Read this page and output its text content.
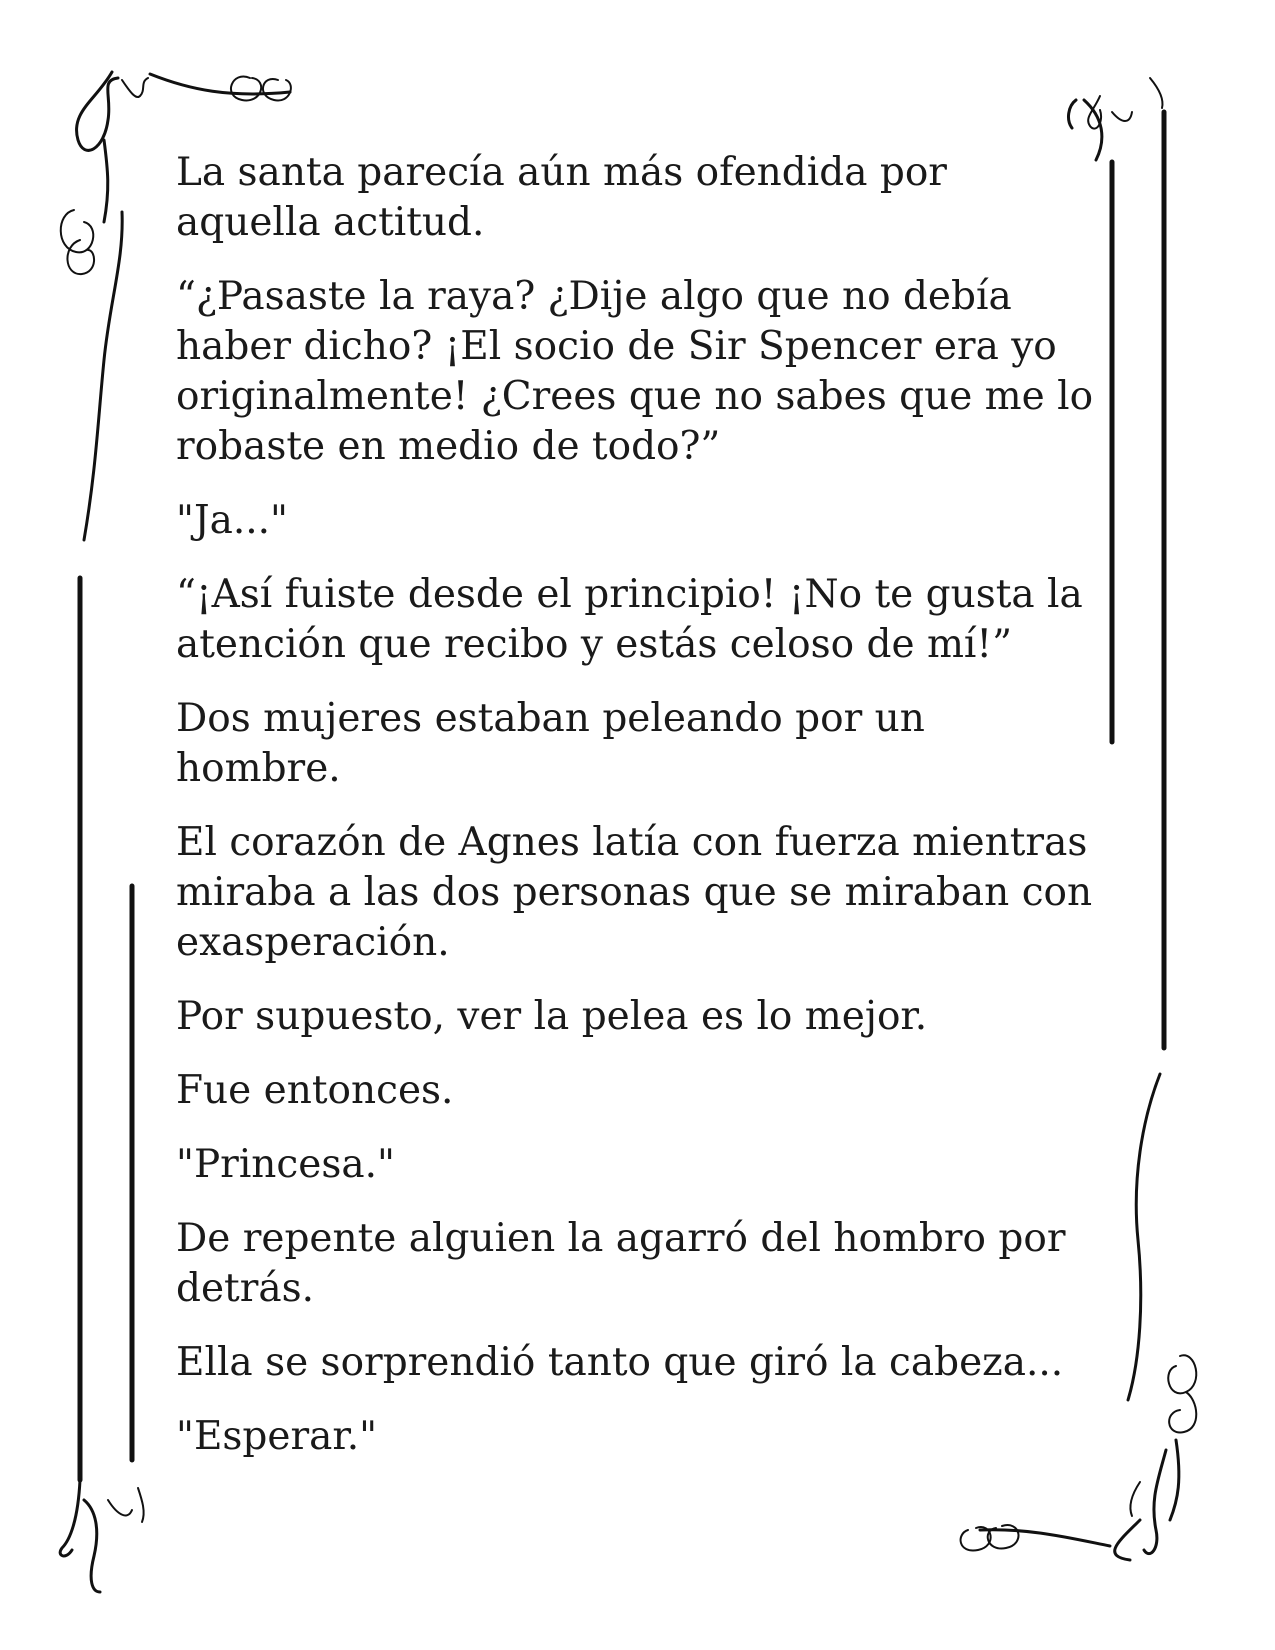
La santa parecía aún más ofendida por aquella actitud.

“¿Pasaste la raya? ¿Dije algo que no debía haber dicho? ¡El socio de Sir Spencer era yo originalmente! ¿Crees que no sabes que me lo robaste en medio de todo?”

"Ja..."

“¡Así fuiste desde el principio! ¡No te gusta la atención que recibo y estás celoso de mí!”

Dos mujeres estaban peleando por un hombre.

El corazón de Agnes latía con fuerza mientras miraba a las dos personas que se miraban con exasperación.

Por supuesto, ver la pelea es lo mejor.

Fue entonces.

"Princesa."

De repente alguien la agarró del hombro por detrás.

Ella se sorprendió tanto que giró la cabeza...

"Esperar."
